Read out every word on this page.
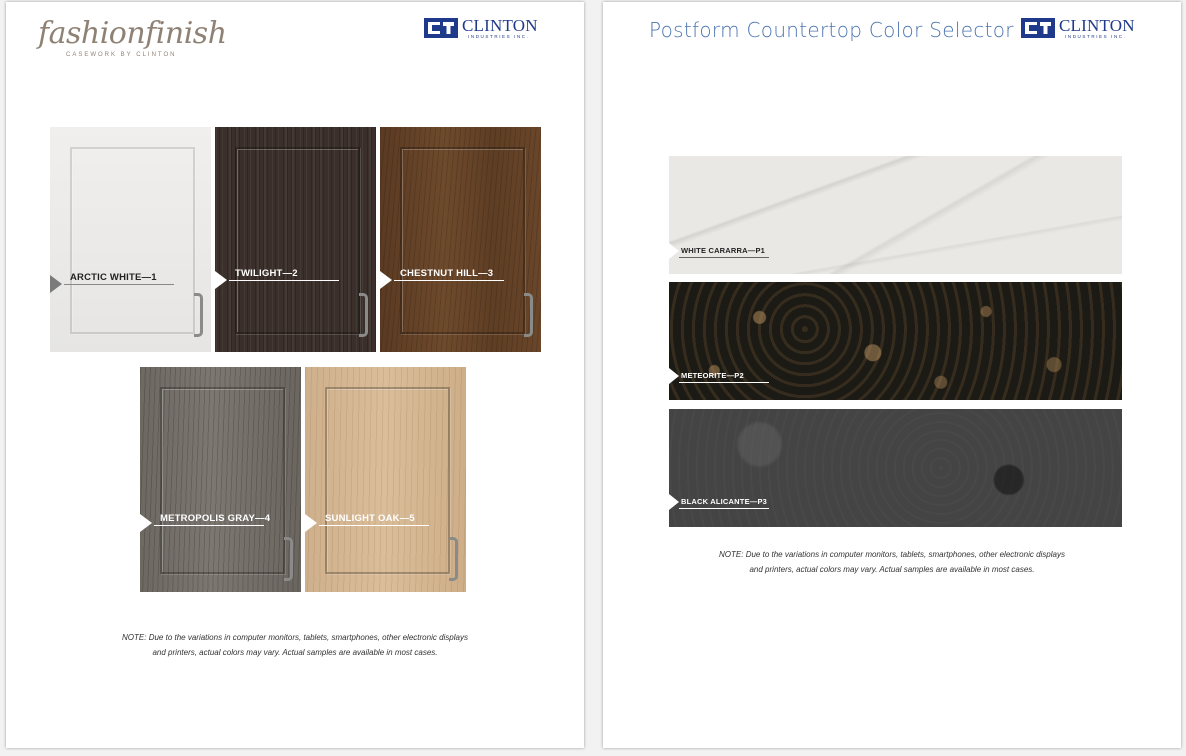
fashionfinish
CASEWORK BY CLINTON
CLINTON
INDUSTRIES INC.
ARCTIC WHITE—1	TWILIGHT—2	CHESTNUT HILL—3
METROPOLIS GRAY—4	SUNLIGHT OAK—5
NOTE: Due to the variations in computer monitors, tablets, smartphones, other electronic displays
and printers, actual colors may vary. Actual samples are available in most cases.
Postform Countertop Color Selector	CLINTON
INDUSTRIES INC.
WHITE CARARRA—P1
METEORITE—P2
BLACK ALICANTE—P3
NOTE: Due to the variations in computer monitors, tablets, smartphones, other electronic displays
and printers, actual colors may vary. Actual samples are available in most cases.
